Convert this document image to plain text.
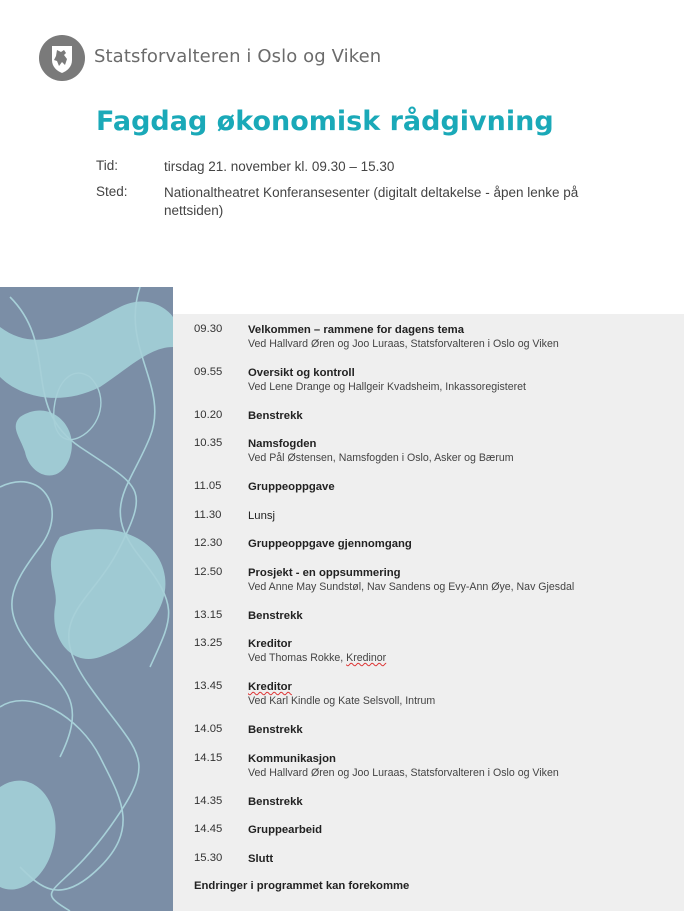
Statsforvalteren i Oslo og Viken
Fagdag økonomisk rådgivning
Tid:	tirsdag 21. november kl. 09.30 – 15.30
Sted:	Nationaltheatret Konferansesenter (digitalt deltakelse - åpen lenke på nettsiden)
09.30	Velkommen – rammene for dagens tema
Ved Hallvard Øren og Joo Luraas, Statsforvalteren i Oslo og Viken
09.55	Oversikt og kontroll
Ved Lene Drange og Hallgeir Kvadsheim, Inkassoregisteret
10.20	Benstrekk
10.35	Namsfogden
Ved Pål Østensen, Namsfogden i Oslo, Asker og Bærum
11.05	Gruppeoppgave
11.30	Lunsj
12.30	Gruppeoppgave gjennomgang
12.50	Prosjekt - en oppsummering
Ved Anne May Sundstøl, Nav Sandens og Evy-Ann Øye, Nav Gjesdal
13.15	Benstrekk
13.25	Kreditor
Ved Thomas Rokke, Kredinor
13.45	Kreditor
Ved Karl Kindle og Kate Selsvoll, Intrum
14.05	Benstrekk
14.15	Kommunikasjon
Ved Hallvard Øren og Joo Luraas, Statsforvalteren i Oslo og Viken
14.35	Benstrekk
14.45	Gruppearbeid
15.30	Slutt
Endringer i programmet kan forekomme
